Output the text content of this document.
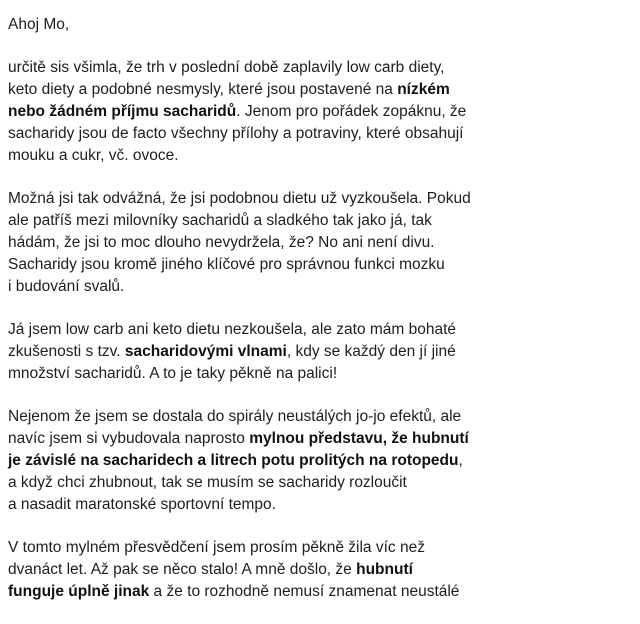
Ahoj Mo,

určitě sis všimla, že trh v poslední době zaplavily low carb diety,
keto diety a podobné nesmysly, které jsou postavené na nízkém
nebo žádném příjmu sacharidů. Jenom pro pořádek zopáknu, že
sacharidy jsou de facto všechny přílohy a potraviny, které obsahují
mouku a cukr, vč. ovoce.

Možná jsi tak odvážná, že jsi podobnou dietu už vyzkoušela. Pokud
ale patříš mezi milovníky sacharidů a sladkého tak jako já, tak
hádám, že jsi to moc dlouho nevydržela, že? No ani není divu.
Sacharidy jsou kromě jiného klíčové pro správnou funkci mozku
i budování svalů.

Já jsem low carb ani keto dietu nezkoušela, ale zato mám bohaté
zkušenosti s tzv. sacharidovými vlnami, kdy se každý den jí jiné
množství sacharidů. A to je taky pěkně na palici!

Nejenom že jsem se dostala do spirály neustálých jo-jo efektů, ale
navíc jsem si vybudovala naprosto mylnou představu, že hubnutí
je závislé na sacharidech a litrech potu prolitých na rotopedu,
a když chci zhubnout, tak se musím se sacharidy rozloučit
a nasadit maratonské sportovní tempo.

V tomto mylném přesvědčení jsem prosím pěkně žila víc než
dvanáct let. Až pak se něco stalo! A mně došlo, že hubnutí
funguje úplně jinak a že to rozhodně nemusí znamenat neustálé
